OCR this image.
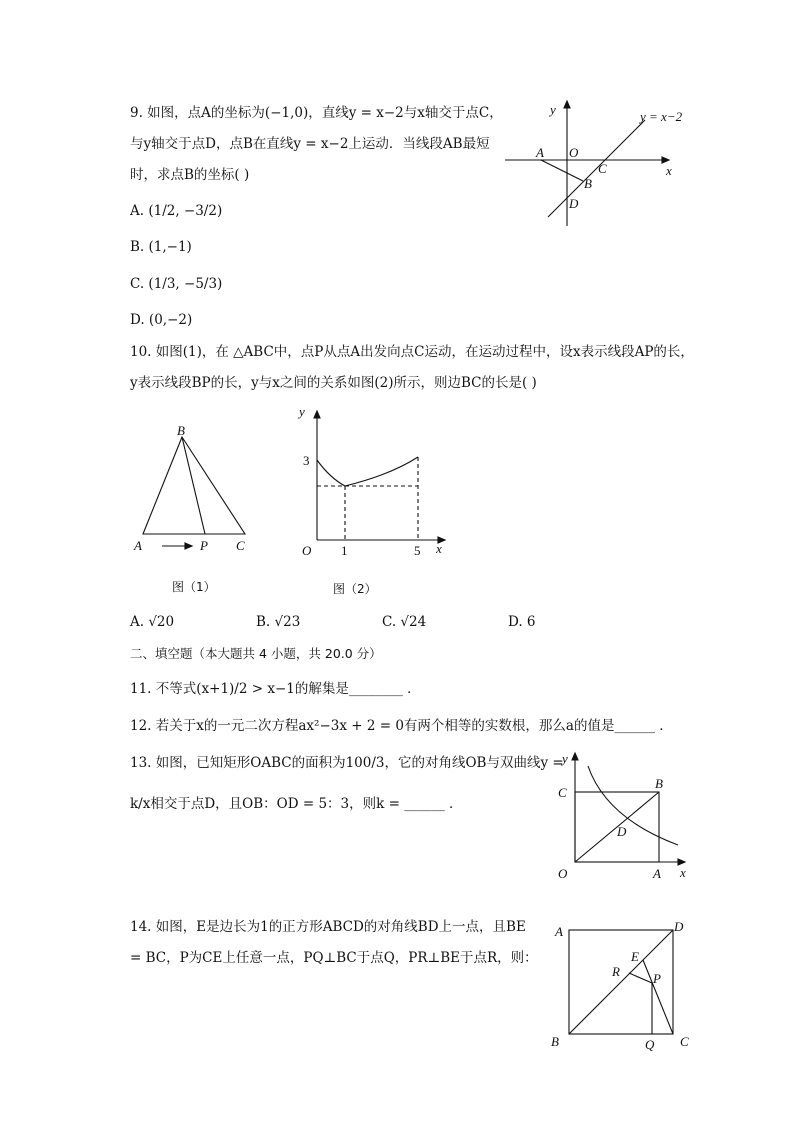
9. 如图，点A的坐标为(−1,0)，直线y = x−2与x轴交于点C，
与y轴交于点D，点B在直线y = x−2上运动．当线段AB最短
时，求点B的坐标( )
A. (1/2, −3/2)
B. (1,−1)
C. (1/3, −5/3)
D. (0,−2)
y = x−2
y
x
A O
C
B
D
B
A	P C
图（1）
y
x
O
3
1	5
图（2）
y
x
O	A
B
C
D
A	D
E
R	P
B	Q C
10. 如图(1)，在 △ABC中，点P从点A出发向点C运动，在运动过程中，设x表示线段AP的长，
y表示线段BP的长，y与x之间的关系如图(2)所示，则边BC的长是( )
A. √20	B. √23	C. √24	D. 6
二、填空题（本大题共 4 小题，共 20.0 分）
11. 不等式(x+1)/2 > x−1的解集是________ ．
12. 若关于x的一元二次方程ax²−3x + 2 = 0有两个相等的实数根，那么a的值是______ ．
13. 如图，已知矩形OABC的面积为100/3，它的对角线OB与双曲线y =
k/x相交于点D，且OB：OD = 5：3，则k = ______ ．
14. 如图，E是边长为1的正方形ABCD的对角线BD上一点，且BE
= BC，P为CE上任意一点，PQ⊥BC于点Q，PR⊥BE于点R，则：
